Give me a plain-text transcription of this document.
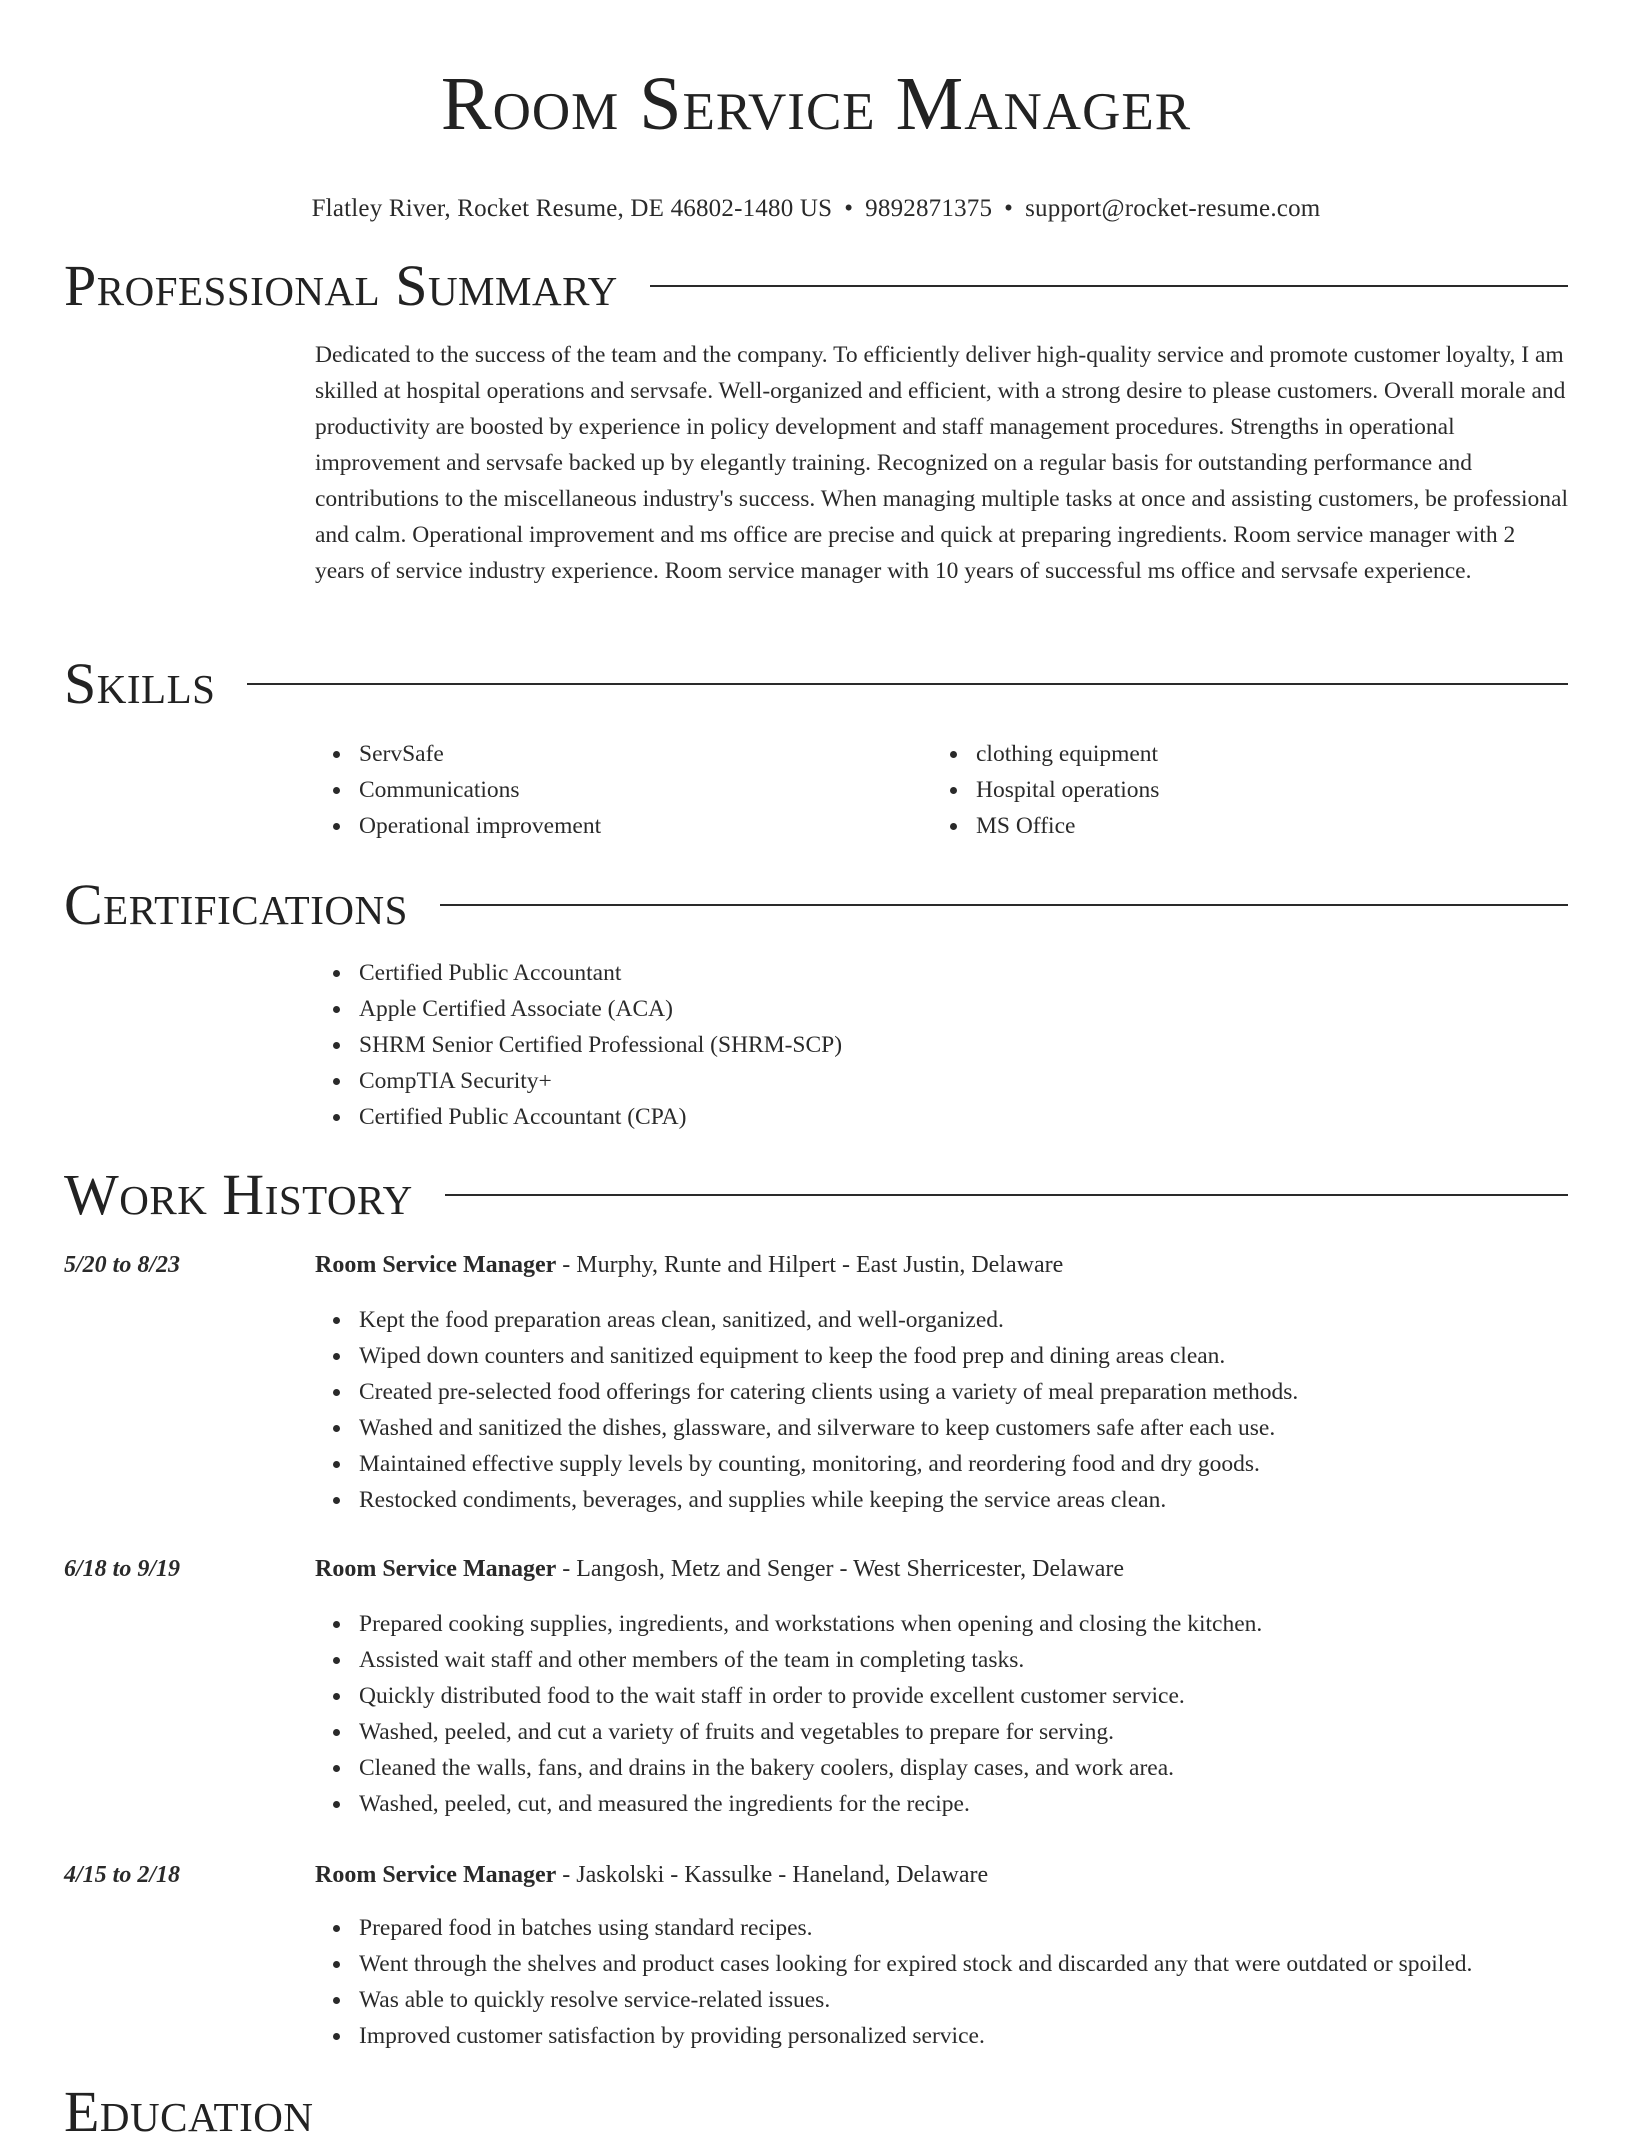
Room Service Manager
Flatley River, Rocket Resume, DE 46802-1480 US • 9892871375 • support@rocket-resume.com
Professional Summary

Dedicated to the success of the team and the company. To efficiently deliver high-quality service and promote customer loyalty, I am skilled at hospital operations and servsafe. Well-organized and efficient, with a strong desire to please customers. Overall morale and productivity are boosted by experience in policy development and staff management procedures. Strengths in operational improvement and servsafe backed up by elegantly training. Recognized on a regular basis for outstanding performance and contributions to the miscellaneous industry's success. When managing multiple tasks at once and assisting customers, be professional and calm. Operational improvement and ms office are precise and quick at preparing ingredients. Room service manager with 2 years of service industry experience. Room service manager with 10 years of successful ms office and servsafe experience.

Skills
ServSafe
Communications
Operational improvement
clothing equipment
Hospital operations
MS Office
Certifications
Certified Public Accountant
Apple Certified Associate (ACA)
SHRM Senior Certified Professional (SHRM-SCP)
CompTIA Security+
Certified Public Accountant (CPA)
Work History
5/20 to 8/23	Room Service Manager - Murphy, Runte and Hilpert - East Justin, Delaware
Kept the food preparation areas clean, sanitized, and well-organized.
Wiped down counters and sanitized equipment to keep the food prep and dining areas clean.
Created pre-selected food offerings for catering clients using a variety of meal preparation methods.
Washed and sanitized the dishes, glassware, and silverware to keep customers safe after each use.
Maintained effective supply levels by counting, monitoring, and reordering food and dry goods.
Restocked condiments, beverages, and supplies while keeping the service areas clean.
6/18 to 9/19	Room Service Manager - Langosh, Metz and Senger - West Sherricester, Delaware
Prepared cooking supplies, ingredients, and workstations when opening and closing the kitchen.
Assisted wait staff and other members of the team in completing tasks.
Quickly distributed food to the wait staff in order to provide excellent customer service.
Washed, peeled, and cut a variety of fruits and vegetables to prepare for serving.
Cleaned the walls, fans, and drains in the bakery coolers, display cases, and work area.
Washed, peeled, cut, and measured the ingredients for the recipe.
4/15 to 2/18	Room Service Manager - Jaskolski - Kassulke - Haneland, Delaware
Prepared food in batches using standard recipes.
Went through the shelves and product cases looking for expired stock and discarded any that were outdated or spoiled.
Was able to quickly resolve service-related issues.
Improved customer satisfaction by providing personalized service.
Education
